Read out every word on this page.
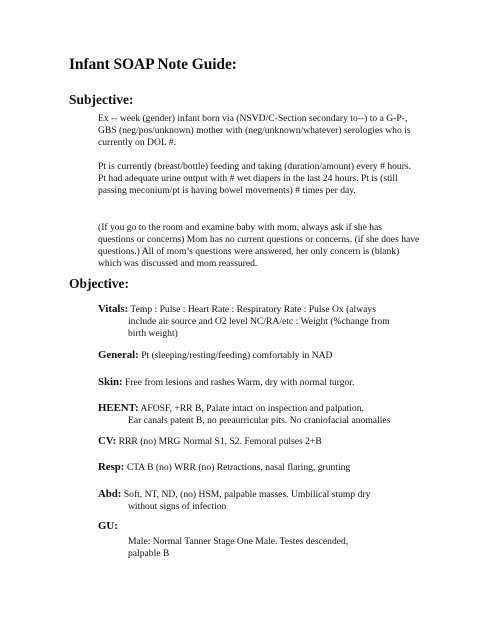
Infant SOAP Note Guide:
Subjective:
Ex -- week (gender) infant born via (NSVD/C-Section secondary to--) to a G-P-, GBS (neg/pos/unknown) mother with (neg/unknown/whatever) serologies who is currently on DOL #.
Pt is currently (breast/bottle) feeding and taking (duration/amount) every # hours. Pt had adequate urine output with # wet diapers in the last 24 hours. Pt is (still passing meconium/pt is having bowel movements) # times per day.
(If you go to the room and examine baby with mom, always ask if she has questions or concerns) Mom has no current questions or concerns. (if she does have questions.) All of mom’s questions were answered, her only concern is (blank) which was discussed and mom reassured.
Objective:
Vitals: Temp : Pulse : Heart Rate : Respiratory Rate : Pulse Ox (always
include air source and O2 level NC/RA/etc : Weight (%change from
birth weight)
General: Pt (sleeping/resting/feeding) comfortably in NAD
Skin: Free from lesions and rashes Warm, dry with normal turgor.
HEENT: AFOSF, +RR B, Palate intact on inspection and palpation.
Ear canals patent B, no preaurricular pits. No craniofacial anomalies
CV: RRR (no) MRG Normal S1, S2. Femoral pulses 2+B
Resp: CTA B (no) WRR (no) Retractions, nasal flaring, grunting
Abd: Soft, NT, ND, (no) HSM, palpable masses. Umbilical stump dry
without signs of infection
GU:
Male: Normal Tanner Stage One Male. Testes descended,
palpable B
